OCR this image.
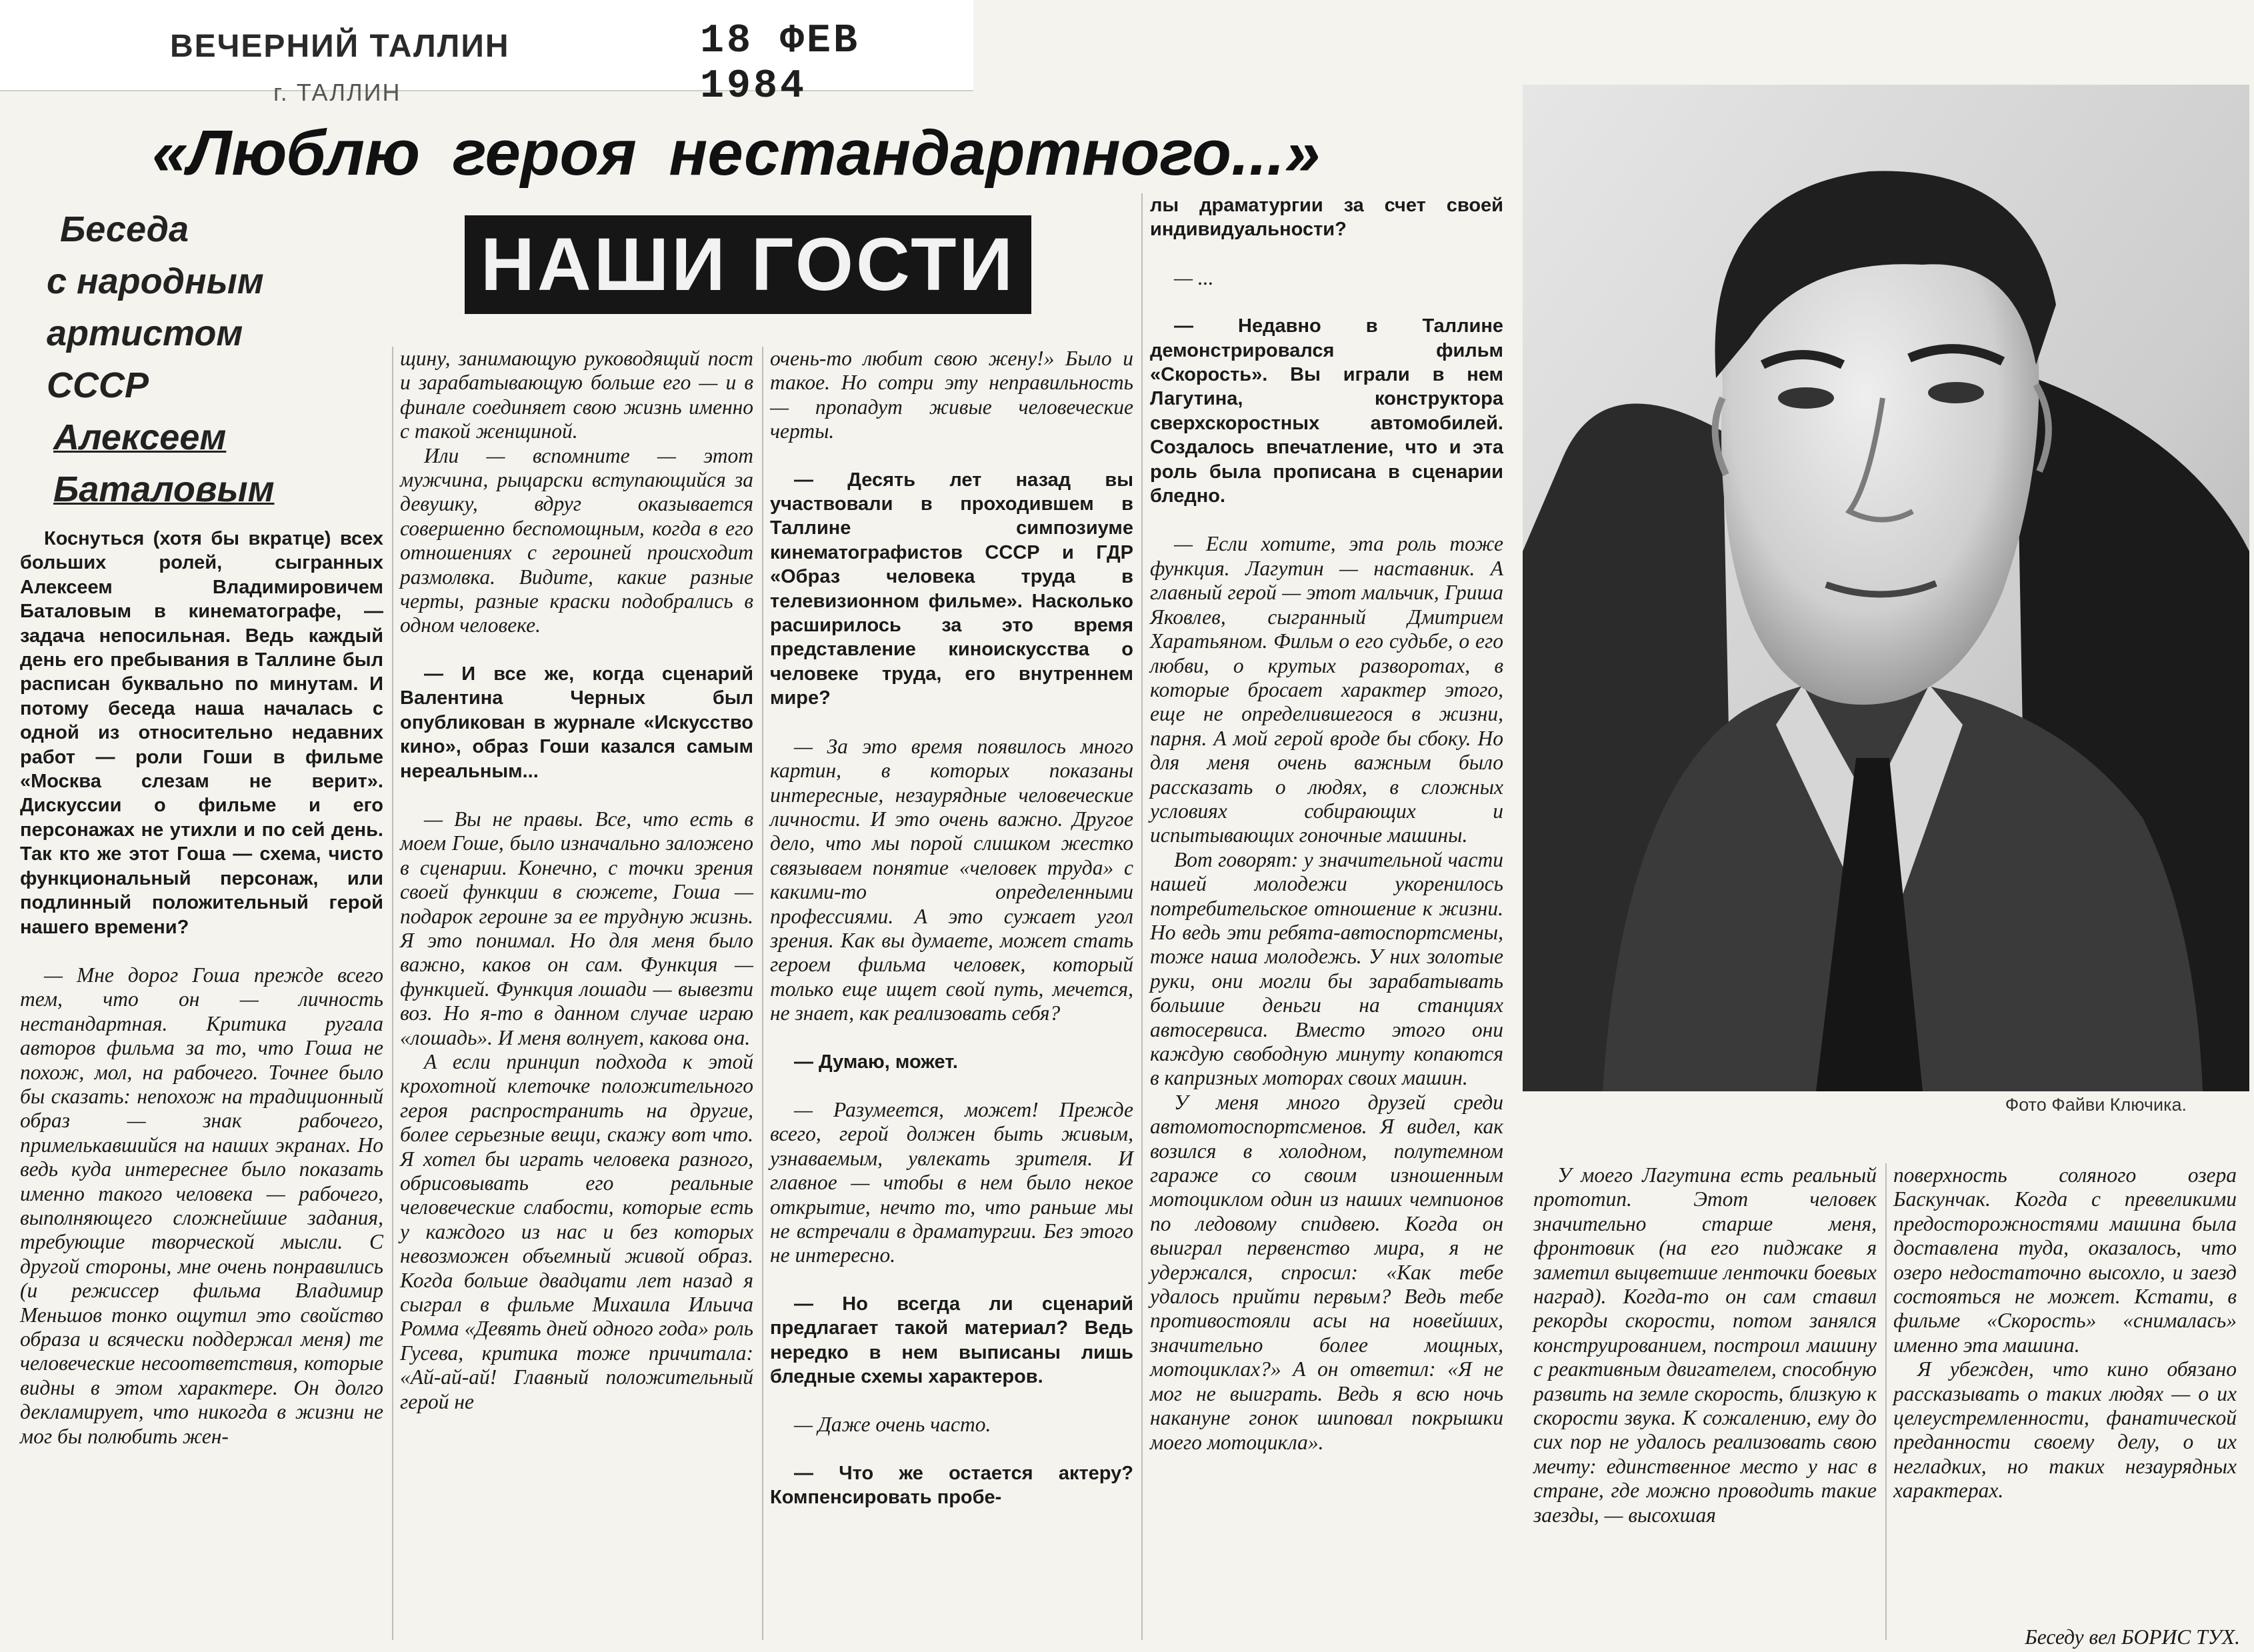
ВЕЧЕРНИЙ ТАЛЛИН	18 ФЕВ 1984
г. ТАЛЛИН
«Люблю героя нестандартного...»
Беседа
с народным
артистом
СССР
Алексеем
Баталовым
НАШИ ГОСТИ
Фото Файви Ключика.

Коснуться (хотя бы вкратце) всех больших ролей, сыгранных Алексеем Владимировичем Баталовым в кинематографе, — задача непосильная. Ведь каждый день его пребывания в Таллине был расписан буквально по минутам. И потому беседа наша началась с одной из относительно недавних работ — роли Гоши в фильме «Москва слезам не верит». Дискуссии о фильме и его персонажах не утихли и по сей день. Так кто же этот Гоша — схема, чисто функциональный персонаж, или подлинный положительный герой нашего времени?

— Мне дорог Гоша прежде всего тем, что он — личность нестандартная. Критика ругала авторов фильма за то, что Гоша не похож, мол, на рабочего. Точнее было бы сказать: непохож на традиционный образ — знак рабочего, примелькавшийся на наших экранах. Но ведь куда интереснее было показать именно такого человека — рабочего, выполняющего сложнейшие задания, требующие творческой мысли. С другой стороны, мне очень понравились (и режиссер фильма Владимир Меньшов тонко ощутил это свойство образа и всячески поддержал меня) те человеческие несоответствия, которые видны в этом характере. Он долго декламирует, что никогда в жизни не мог бы полюбить жен-

щину, занимающую руководящий пост и зарабатывающую больше его — и в финале соединяет свою жизнь именно с такой женщиной.

Или — вспомните — этот мужчина, рыцарски вступающийся за девушку, вдруг оказывается совершенно беспомощным, когда в его отношениях с героиней происходит размолвка. Видите, какие разные черты, разные краски подобрались в одном человеке.

— И все же, когда сценарий Валентина Черных был опубликован в журнале «Искусство кино», образ Гоши казался самым нереальным...

— Вы не правы. Все, что есть в моем Гоше, было изначально заложено в сценарии. Конечно, с точки зрения своей функции в сюжете, Гоша — подарок героине за ее трудную жизнь. Я это понимал. Но для меня было важно, каков он сам. Функция — функцией. Функция лошади — вывезти воз. Но я-то в данном случае играю «лошадь». И меня волнует, какова она.

А если принцип подхода к этой крохотной клеточке положительного героя распространить на другие, более серьезные вещи, скажу вот что. Я хотел бы играть человека разного, обрисовывать его реальные человеческие слабости, которые есть у каждого из нас и без которых невозможен объемный живой образ. Когда больше двадцати лет назад я сыграл в фильме Михаила Ильича Ромма «Девять дней одного года» роль Гусева, критика тоже причитала: «Ай-ай-ай! Главный положительный герой не

очень-то любит свою жену!» Было и такое. Но сотри эту неправильность — пропадут живые человеческие черты.

— Десять лет назад вы участвовали в проходившем в Таллине симпозиуме кинематографистов СССР и ГДР «Образ человека труда в телевизионном фильме». Насколько расширилось за это время представление киноискусства о человеке труда, его внутреннем мире?

— За это время появилось много картин, в которых показаны интересные, незаурядные человеческие личности. И это очень важно. Другое дело, что мы порой слишком жестко связываем понятие «человек труда» с какими-то определенными профессиями. А это сужает угол зрения. Как вы думаете, может стать героем фильма человек, который только еще ищет свой путь, мечется, не знает, как реализовать себя?

— Думаю, может.

— Разумеется, может! Прежде всего, герой должен быть живым, узнаваемым, увлекать зрителя. И главное — чтобы в нем было некое открытие, нечто то, что раньше мы не встречали в драматургии. Без этого не интересно.

— Но всегда ли сценарий предлагает такой материал? Ведь нередко в нем выписаны лишь бледные схемы характеров.

— Даже очень часто.

— Что же остается актеру? Компенсировать пробе-

лы драматургии за счет своей индивидуальности?

— ...

— Недавно в Таллине демонстрировался фильм «Скорость». Вы играли в нем Лагутина, конструктора сверхскоростных автомобилей. Создалось впечатление, что и эта роль была прописана в сценарии бледно.

— Если хотите, эта роль тоже функция. Лагутин — наставник. А главный герой — этот мальчик, Гриша Яковлев, сыгранный Дмитрием Харатьяном. Фильм о его судьбе, о его любви, о крутых разворотах, в которые бросает характер этого, еще не определившегося в жизни, парня. А мой герой вроде бы сбоку. Но для меня очень важным было рассказать о людях, в сложных условиях собирающих и испытывающих гоночные машины.

Вот говорят: у значительной части нашей молодежи укоренилось потребительское отношение к жизни. Но ведь эти ребята-автоспортсмены, тоже наша молодежь. У них золотые руки, они могли бы зарабатывать большие деньги на станциях автосервиса. Вместо этого они каждую свободную минуту копаются в капризных моторах своих машин.

У меня много друзей среди автомотоспортсменов. Я видел, как возился в холодном, полутемном гараже со своим изношенным мотоциклом один из наших чемпионов по ледовому спидвею. Когда он выиграл первенство мира, я не удержался, спросил: «Как тебе удалось прийти первым? Ведь тебе противостояли асы на новейших, значительно более мощных, мотоциклах?» А он ответил: «Я не мог не выиграть. Ведь я всю ночь накануне гонок шиповал покрышки моего мотоцикла».

У моего Лагутина есть реальный прототип. Этот человек значительно старше меня, фронтовик (на его пиджаке я заметил выцветшие ленточки боевых наград). Когда-то он сам ставил рекорды скорости, потом занялся конструированием, построил машину с реактивным двигателем, способную развить на земле скорость, близкую к скорости звука. К сожалению, ему до сих пор не удалось реализовать свою мечту: единственное место у нас в стране, где можно проводить такие заезды, — высохшая

поверхность соляного озера Баскунчак. Когда с превеликими предосторожностями машина была доставлена туда, оказалось, что озеро недостаточно высохло, и заезд состояться не может. Кстати, в фильме «Скорость» «снималась» именно эта машина.

Я убежден, что кино обязано рассказывать о таких людях — о их целеустремленности, фанатической преданности своему делу, о их негладких, но таких незаурядных характерах.

Беседу вел БОРИС ТУХ.
